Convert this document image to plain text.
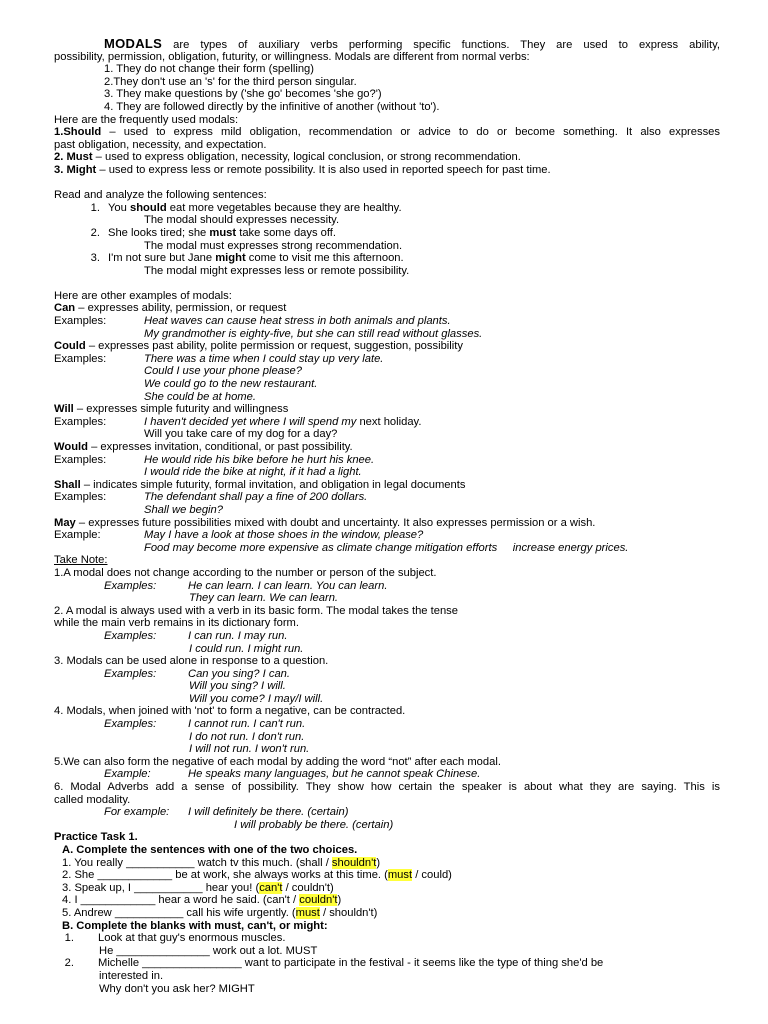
MODALS are types of auxiliary verbs performing specific functions. They are used to express ability,
possibility, permission, obligation, futurity, or willingness. Modals are different from normal verbs:
1. They do not change their form (spelling)
2.They don't use an 's' for the third person singular.
3. They make questions by ('she go' becomes 'she go?')
4. They are followed directly by the infinitive of another (without 'to').
Here are the frequently used modals:
1.Should – used to express mild obligation, recommendation or advice to do or become something. It also expresses
past obligation, necessity, and expectation.
2. Must – used to express obligation, necessity, logical conclusion, or strong recommendation.
3. Might – used to express less or remote possibility. It is also used in reported speech for past time.
Read and analyze the following sentences:
1. You should eat more vegetables because they are healthy.
The modal should expresses necessity.
2. She looks tired; she must take some days off.
The modal must expresses strong recommendation.
3. I'm not sure but Jane might come to visit me this afternoon.
The modal might expresses less or remote possibility.
Here are other examples of modals:
Can – expresses ability, permission, or request
Examples:	Heat waves can cause heat stress in both animals and plants.
My grandmother is eighty-five, but she can still read without glasses.
Could – expresses past ability, polite permission or request, suggestion, possibility
Examples:	There was a time when I could stay up very late.
Could I use your phone please?
We could go to the new restaurant.
She could be at home.
Will – expresses simple futurity and willingness
Examples:	I haven't decided yet where I will spend my next holiday.
Will you take care of my dog for a day?
Would – expresses invitation, conditional, or past possibility.
Examples:	He would ride his bike before he hurt his knee.
I would ride the bike at night, if it had a light.
Shall – indicates simple futurity, formal invitation, and obligation in legal documents
Examples:	The defendant shall pay a fine of 200 dollars.
Shall we begin?
May – expresses future possibilities mixed with doubt and uncertainty. It also expresses permission or a wish.
Example:	May I have a look at those shoes in the window, please?
Food may become more expensive as climate change mitigation efforts     increase energy prices.
Take Note:
1.A modal does not change according to the number or person of the subject.
Examples:	He can learn. I can learn. You can learn.
They can learn. We can learn.
2. A modal is always used with a verb in its basic form. The modal takes the tense
while the main verb remains in its dictionary form.
Examples:	I can run. I may run.
I could run. I might run.
3. Modals can be used alone in response to a question.
Examples:	Can you sing? I can.
Will you sing? I will.
Will you come? I may/I will.
4. Modals, when joined with 'not' to form a negative, can be contracted.
Examples:	I cannot run. I can't run.
I do not run. I don't run.
I will not run. I won't run.
5.We can also form the negative of each modal by adding the word “not” after each modal.
Example:	He speaks many languages, but he cannot speak Chinese.
6. Modal Adverbs add a sense of possibility. They show how certain the speaker is about what they are saying. This is
called modality.
For example: I will definitely be there. (certain)
I will probably be there. (certain)
Practice Task 1.
A. Complete the sentences with one of the two choices.
1. You really ___________ watch tv this much. (shall / shouldn't)
2. She ____________ be at work, she always works at this time. (must / could)
3. Speak up, I ___________ hear you! (can't / couldn't)
4. I ____________ hear a word he said. (can't / couldn't)
5. Andrew ___________ call his wife urgently. (must / shouldn't)
B. Complete the blanks with must, can't, or might:
1. Look at that guy's enormous muscles.
He _______________ work out a lot. MUST
2. Michelle ________________ want to participate in the festival - it seems like the type of thing she'd be
interested in.
Why don't you ask her? MIGHT
